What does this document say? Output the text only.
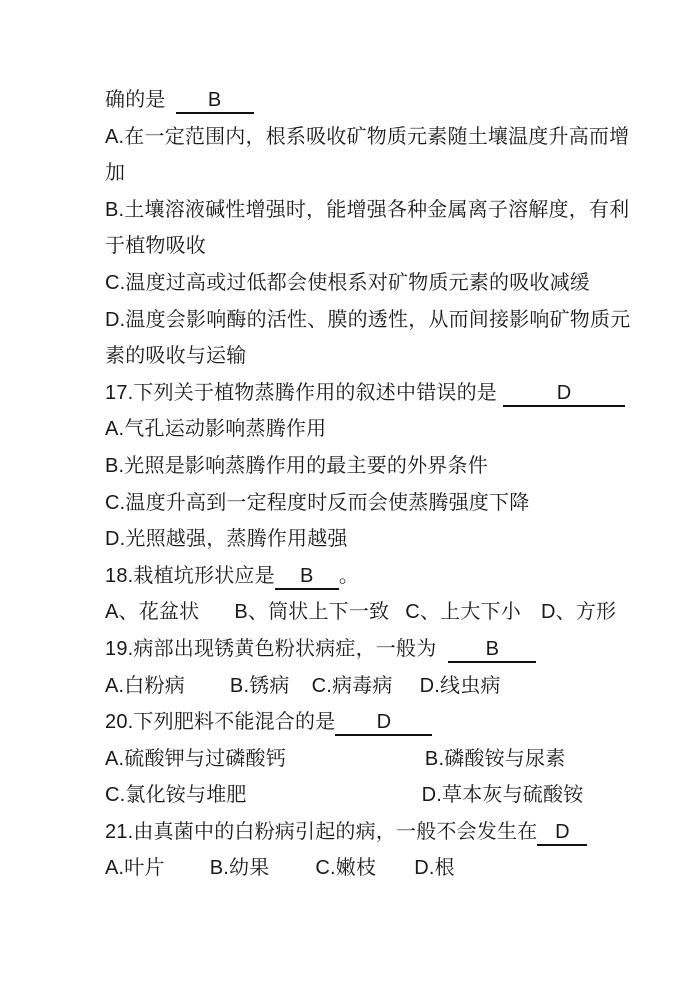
确的是 B
A.在一定范围内，根系吸收矿物质元素随土壤温度升高而增
加
B.土壤溶液碱性增强时，能增强各种金属离子溶解度，有利
于植物吸收
C.温度过高或过低都会使根系对矿物质元素的吸收减缓
D.温度会影响酶的活性、膜的透性，从而间接影响矿物质元
素的吸收与运输
17.下列关于植物蒸腾作用的叙述中错误的是	D
A.气孔运动影响蒸腾作用
B.光照是影响蒸腾作用的最主要的外界条件
C.温度升高到一定程度时反而会使蒸腾强度下降
D.光照越强，蒸腾作用越强
18.栽植坑形状应是 B 。
A、花盆状 B、筒状上下一致 C、上大下小 D、方形
19.病部出现锈黄色粉状病症，一般为 B
A.白粉病 B.锈病 C.病毒病 D.线虫病
20.下列肥料不能混合的是 D
A.硫酸钾与过磷酸钙	B.磷酸铵与尿素
C.氯化铵与堆肥	D.草本灰与硫酸铵
21.由真菌中的白粉病引起的病，一般不会发生在 D
A.叶片 B.幼果 C.嫩枝 D.根
